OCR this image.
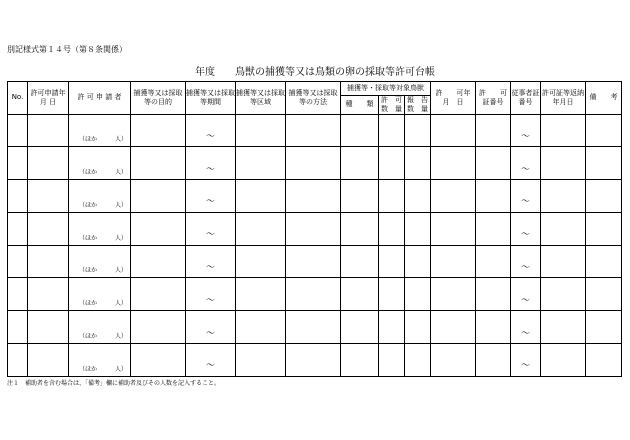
別記様式第１４号（第８条関係）
年度 鳥獣の捕獲等又は鳥類の卵の採取等許可台帳
No.	許可申請年 月 日	許 可 申 請 者	捕獲等又は採取等の目的	捕獲等又は採取等期間	捕獲等又は採取等区域	捕獲等又は採取等の方法	捕獲等・採取等対象鳥獣			許　　可年　月　日	許　　可証番号	従事者証番号	許可証等返納年月日	備　　考
							種　　類	許　可数　量	報　告数　量					

		（ほか 人）		～								～		

		（ほか 人）		～								～		

		（ほか 人）		～								～		

		（ほか 人）		～								～		

		（ほか 人）		～								～		

		（ほか 人）		～								～		

		（ほか 人）		～								～		

		（ほか 人）		～								～		

注１　補助者を含む場合は、「備考」欄に補助者及びその人数を記入すること。
